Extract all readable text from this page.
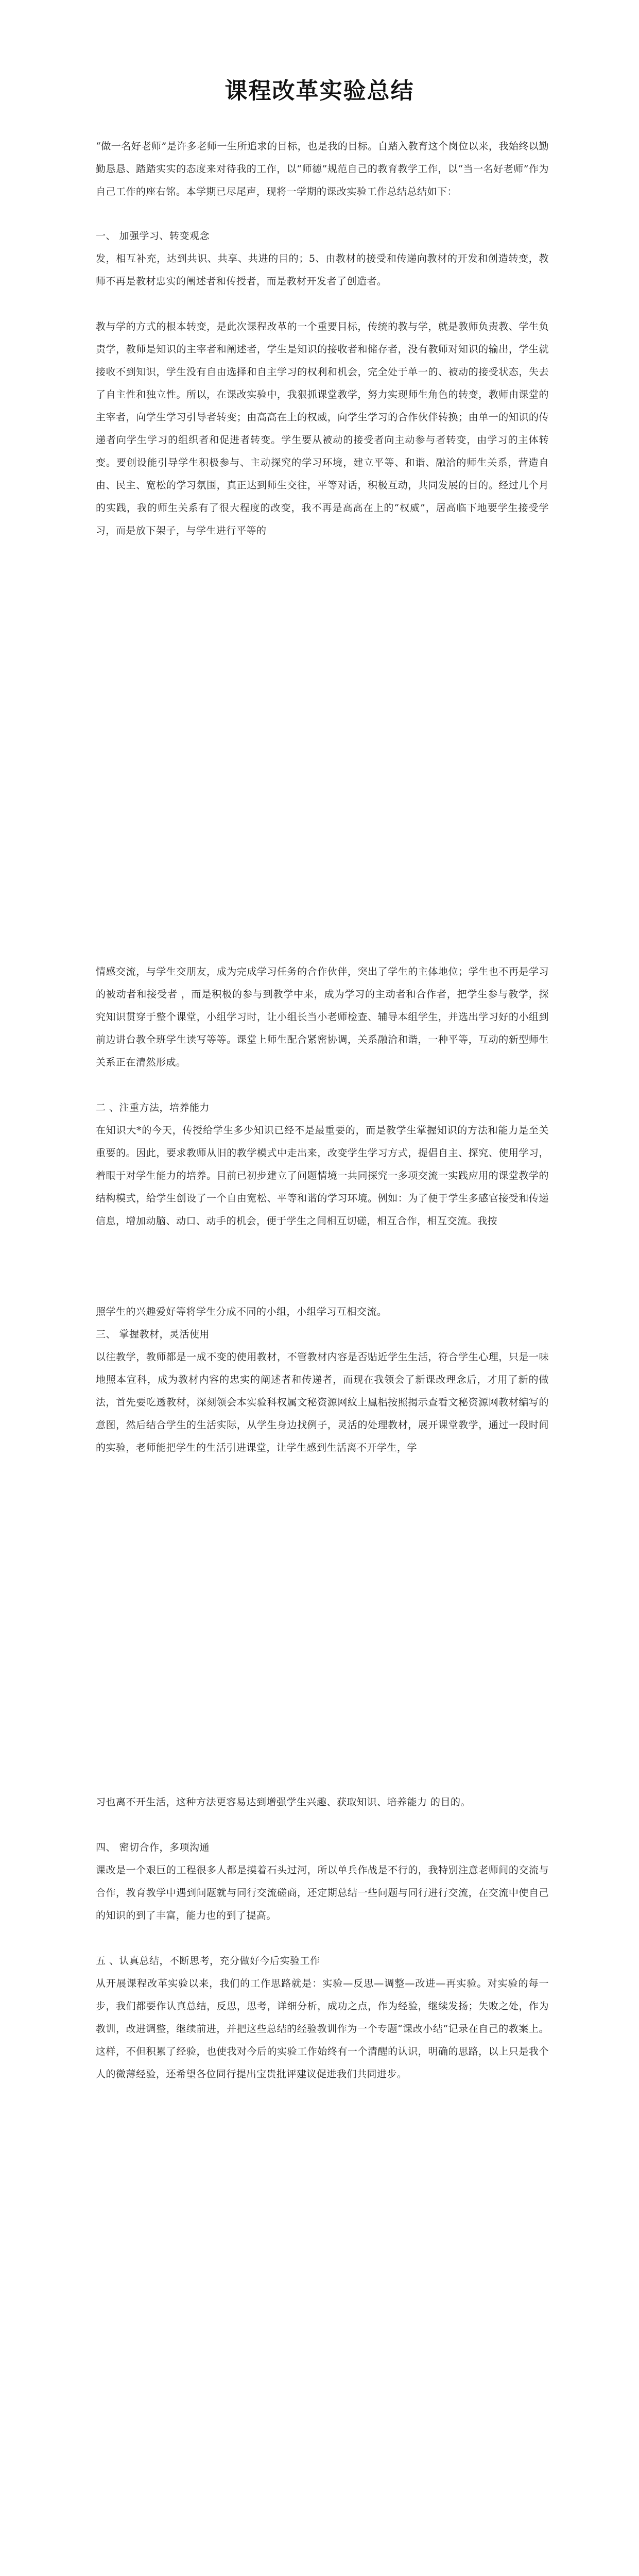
课程改革实验总结
“做一名好老师”是许多老师一生所追求的目标，也是我的目标。自踏入教育这个岗位以来，我始终以勤勤恳恳、踏踏实实的态度来对待我的工作，以“师德”规范自己的教育教学工作，以“当一名好老师”作为自己工作的座右铭。本学期已尽尾声，现将一学期的课改实验工作总结总结如下：
一、 加强学习、转变观念
发，相互补充，达到共识、共享、共进的目的；5、由教材的接受和传递向教材的开发和创造转变，教师不再是教材忠实的阐述者和传授者，而是教材开发者了创造者。
教与学的方式的根本转变，是此次课程改革的一个重要目标，传统的教与学，就是教师负责教、学生负责学，教师是知识的主宰者和阐述者，学生是知识的接收者和储存者，没有教师对知识的输出，学生就接收不到知识，学生没有自由选择和自主学习的权利和机会，完全处于单一的、被动的接受状态，失去了自主性和独立性。所以，在课改实验中，我狠抓课堂教学，努力实现师生角色的转变，教师由课堂的主宰者，向学生学习引导者转变；由高高在上的权威，向学生学习的合作伙伴转换；由单一的知识的传递者向学生学习的组织者和促进者转变。学生要从被动的接受者向主动参与者转变，由学习的主体转变。要创设能引导学生积极参与、主动探究的学习环境，建立平等、和谐、融洽的师生关系，营造自由、民主、宽松的学习氛围，真正达到师生交往，平等对话，积极互动，共同发展的目的。经过几个月的实践，我的师生关系有了很大程度的改变，我不再是高高在上的“权威”，居高临下地要学生接受学习，而是放下架子，与学生进行平等的
情感交流，与学生交朋友，成为完成学习任务的合作伙伴，突出了学生的主体地位；学生也不再是学习的被动者和接受者 ，而是积极的参与到教学中来，成为学习的主动者和合作者，把学生参与教学，探究知识贯穿于整个课堂，小组学习时，让小组长当小老师检查、辅导本组学生，并选出学习好的小组到前边讲台教全班学生读写等等。课堂上师生配合紧密协调，关系融洽和谐，一种平等，互动的新型师生关系正在清然形成。
二 、注重方法，培养能力
在知识大*的今天，传授给学生多少知识已经不是最重要的，而是教学生掌握知识的方法和能力是至关重要的。因此，要求教师从旧的教学模式中走出来，改变学生学习方式，提倡自主、探究、使用学习，着眼于对学生能力的培养。目前已初步建立了问题情境一共同探究一多项交流一实践应用的课堂教学的结构模式，给学生创设了一个自由宽松、平等和谐的学习环境。例如：为了便于学生多感官接受和传递信息，增加动脑、动口、动手的机会，便于学生之间相互切磋，相互合作，相互交流。我按
照学生的兴趣爱好等将学生分成不同的小组，小组学习互相交流。
三、 掌握教材，灵活使用
以往教学，教师都是一成不变的使用教材，不管教材内容是否贴近学生生活，符合学生心理，只是一味地照本宣科，成为教材内容的忠实的阐述者和传递者，而现在我领会了新课改理念后，才用了新的做法，首先要吃透教材，深刻领会本实验科权属文秘资源网紋上鳳梠按照揭示查看文秘资源网教材编写的意图，然后结合学生的生活实际，从学生身边找例子，灵活的处理教材，展开课堂教学，通过一段时间的实验，老师能把学生的生活引进课堂，让学生感到生活离不开学生，学
习也离不开生活，这种方法更容易达到增强学生兴趣、获取知识、培养能力 的目的。
四、 密切合作，多项沟通
课改是一个艰巨的工程很多人都是摸着石头过河，所以单兵作战是不行的，我特别注意老师间的交流与合作，教育教学中遇到问题就与同行交流磋商，还定期总结一些问题与同行进行交流，在交流中使自己的知识的到了丰富，能力也的到了提高。
五 、认真总结，不断思考，充分做好今后实验工作
从开展课程改革实验以来，我们的工作思路就是：实验—反思—调整—改进—再实验。对实验的每一步，我们都要作认真总结，反思，思考，详细分析，成功之点，作为经验，继续发扬；失败之处，作为教训，改进调整，继续前进，并把这些总结的经验教训作为一个专题“课改小结”记录在自己的教案上。这样，不但积累了经验，也使我对今后的实验工作始终有一个清醒的认识，明确的思路，以上只是我个人的微薄经验，还希望各位同行提出宝贵批评建议促进我们共同进步。
